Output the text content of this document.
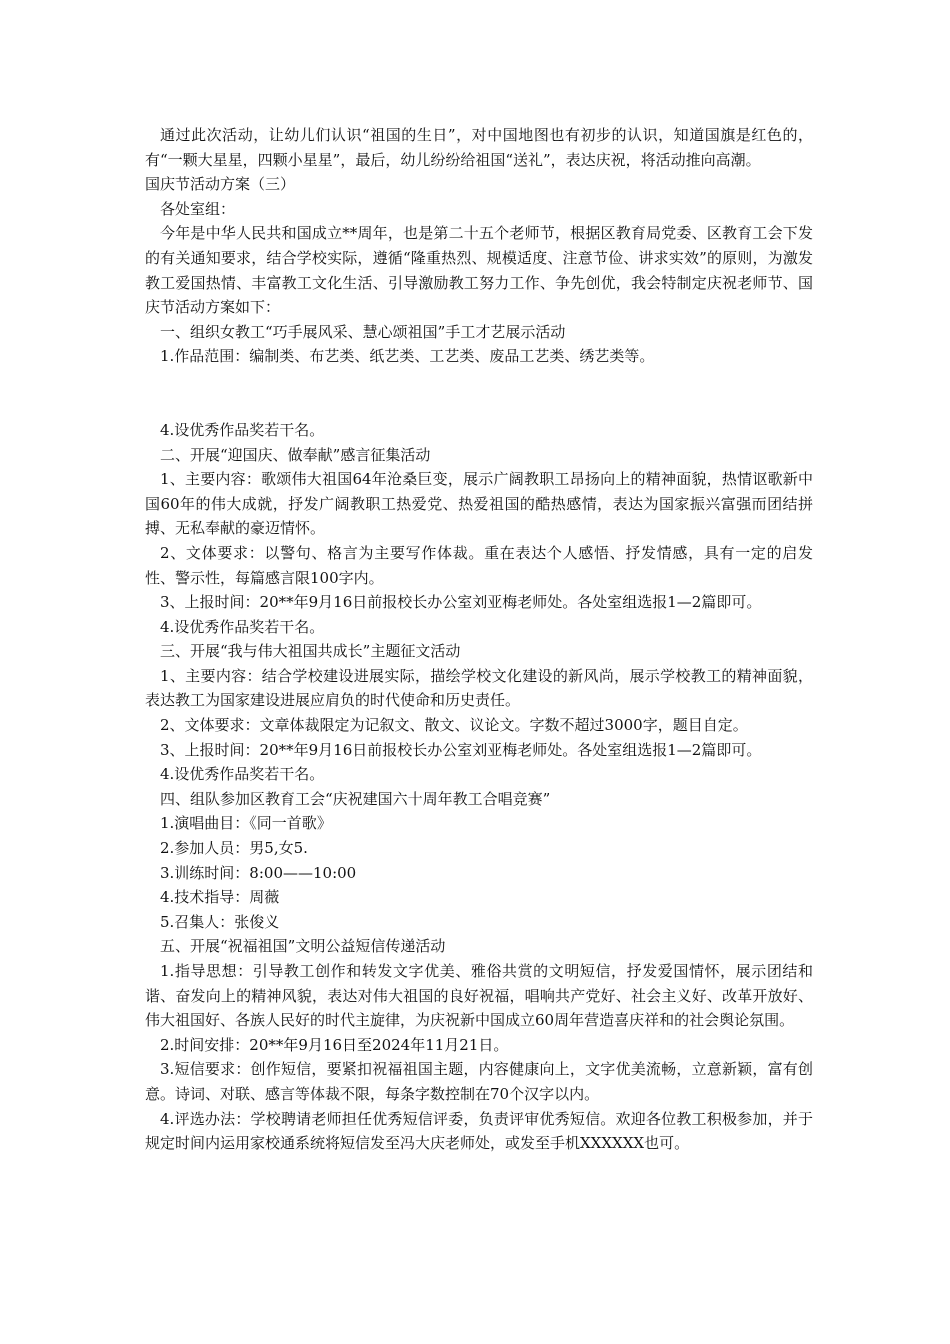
通过此次活动，让幼儿们认识“祖国的生日”，对中国地图也有初步的认识，知道国旗是红色的，有“一颗大星星，四颗小星星”，最后，幼儿纷纷给祖国“送礼”，表达庆祝，将活动推向高潮。

国庆节活动方案（三）

各处室组：

今年是中华人民共和国成立**周年，也是第二十五个老师节，根据区教育局党委、区教育工会下发的有关通知要求，结合学校实际，遵循“隆重热烈、规模适度、注意节俭、讲求实效”的原则，为激发教工爱国热情、丰富教工文化生活、引导激励教工努力工作、争先创优，我会特制定庆祝老师节、国庆节活动方案如下：

一、组织女教工“巧手展风采、慧心颂祖国”手工才艺展示活动

1.作品范围：编制类、布艺类、纸艺类、工艺类、废品工艺类、绣艺类等。

4.设优秀作品奖若干名。

二、开展“迎国庆、做奉献”感言征集活动

1、主要内容：歌颂伟大祖国64年沧桑巨变，展示广阔教职工昂扬向上的精神面貌，热情讴歌新中国60年的伟大成就，抒发广阔教职工热爱党、热爱祖国的酷热感情，表达为国家振兴富强而团结拼搏、无私奉献的豪迈情怀。

2、文体要求：以警句、格言为主要写作体裁。重在表达个人感悟、抒发情感，具有一定的启发性、警示性，每篇感言限100字内。

3、上报时间：20**年9月16日前报校长办公室刘亚梅老师处。各处室组选报1—2篇即可。

4.设优秀作品奖若干名。

三、开展“我与伟大祖国共成长”主题征文活动

1、主要内容：结合学校建设进展实际，描绘学校文化建设的新风尚，展示学校教工的精神面貌，表达教工为国家建设进展应肩负的时代使命和历史责任。

2、文体要求：文章体裁限定为记叙文、散文、议论文。字数不超过3000字，题目自定。

3、上报时间：20**年9月16日前报校长办公室刘亚梅老师处。各处室组选报1—2篇即可。

4.设优秀作品奖若干名。

四、组队参加区教育工会“庆祝建国六十周年教工合唱竞赛”

1.演唱曲目：《同一首歌》

2.参加人员：男5,女5.

3.训练时间：8:00——10:00

4.技术指导：周薇

5.召集人：张俊义

五、开展“祝福祖国”文明公益短信传递活动

1.指导思想：引导教工创作和转发文字优美、雅俗共赏的文明短信，抒发爱国情怀，展示团结和谐、奋发向上的精神风貌，表达对伟大祖国的良好祝福，唱响共产党好、社会主义好、改革开放好、伟大祖国好、各族人民好的时代主旋律，为庆祝新中国成立60周年营造喜庆祥和的社会舆论氛围。

2.时间安排：20**年9月16日至2024年11月21日。

3.短信要求：创作短信，要紧扣祝福祖国主题，内容健康向上，文字优美流畅，立意新颖，富有创意。诗词、对联、感言等体裁不限，每条字数控制在70个汉字以内。

4.评选办法：学校聘请老师担任优秀短信评委，负责评审优秀短信。欢迎各位教工积极参加，并于规定时间内运用家校通系统将短信发至冯大庆老师处，或发至手机XXXXXX也可。
